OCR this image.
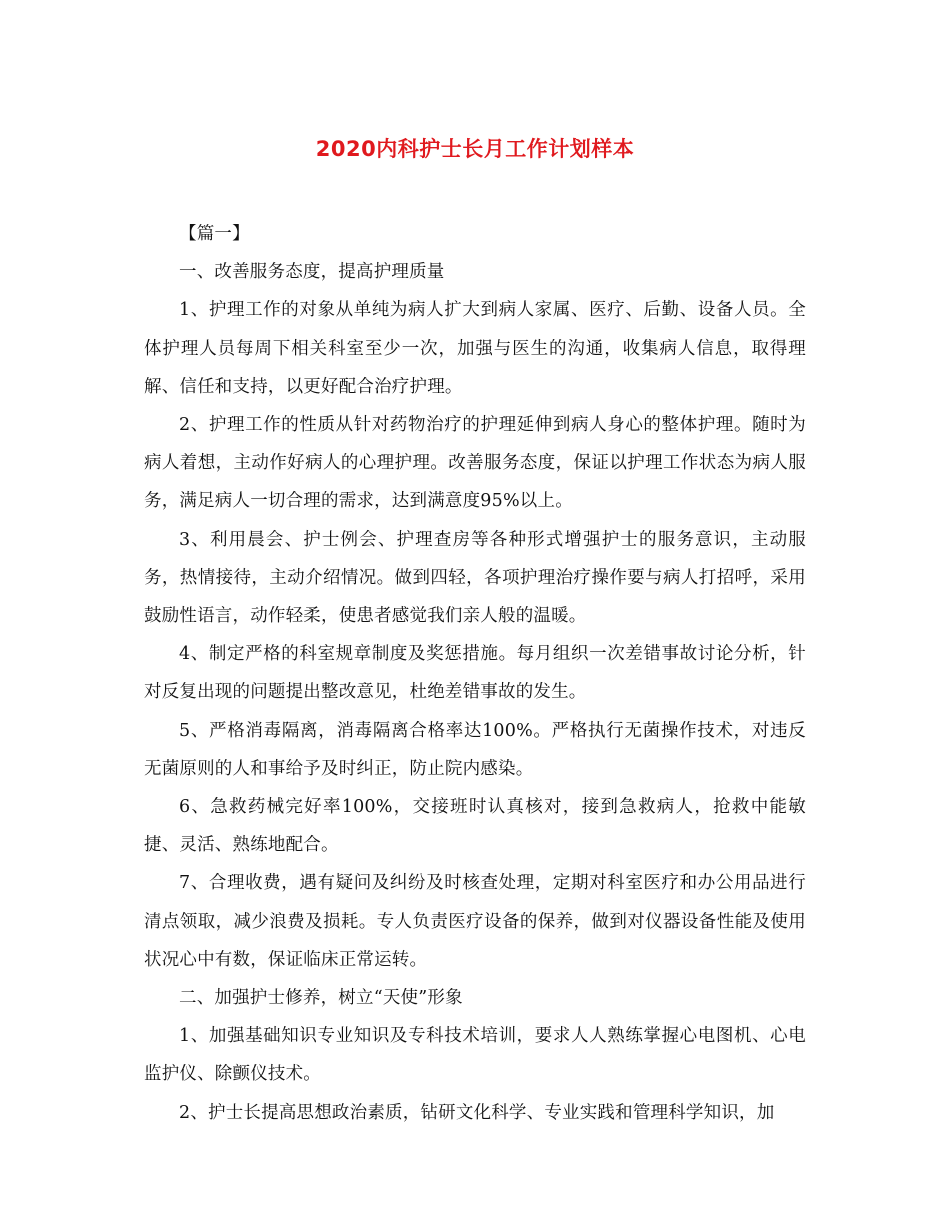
2020内科护士长月工作计划样本

【篇一】

一、改善服务态度，提高护理质量

1、护理工作的对象从单纯为病人扩大到病人家属、医疗、后勤、设备人员。全体护理人员每周下相关科室至少一次，加强与医生的沟通，收集病人信息，取得理解、信任和支持，以更好配合治疗护理。

2、护理工作的性质从针对药物治疗的护理延伸到病人身心的整体护理。随时为病人着想，主动作好病人的心理护理。改善服务态度，保证以护理工作状态为病人服务，满足病人一切合理的需求，达到满意度95%以上。

3、利用晨会、护士例会、护理查房等各种形式增强护士的服务意识，主动服务，热情接待，主动介绍情况。做到四轻，各项护理治疗操作要与病人打招呼，采用鼓励性语言，动作轻柔，使患者感觉我们亲人般的温暖。

4、制定严格的科室规章制度及奖惩措施。每月组织一次差错事故讨论分析，针对反复出现的问题提出整改意见，杜绝差错事故的发生。

5、严格消毒隔离，消毒隔离合格率达100%。严格执行无菌操作技术，对违反无菌原则的人和事给予及时纠正，防止院内感染。

6、急救药械完好率100%，交接班时认真核对，接到急救病人，抢救中能敏捷、灵活、熟练地配合。

7、合理收费，遇有疑问及纠纷及时核查处理，定期对科室医疗和办公用品进行清点领取，减少浪费及损耗。专人负责医疗设备的保养，做到对仪器设备性能及使用状况心中有数，保证临床正常运转。

二、加强护士修养，树立“天使”形象

1、加强基础知识专业知识及专科技术培训，要求人人熟练掌握心电图机、心电监护仪、除颤仪技术。

2、护士长提高思想政治素质，钻研文化科学、专业实践和管理科学知识，加
